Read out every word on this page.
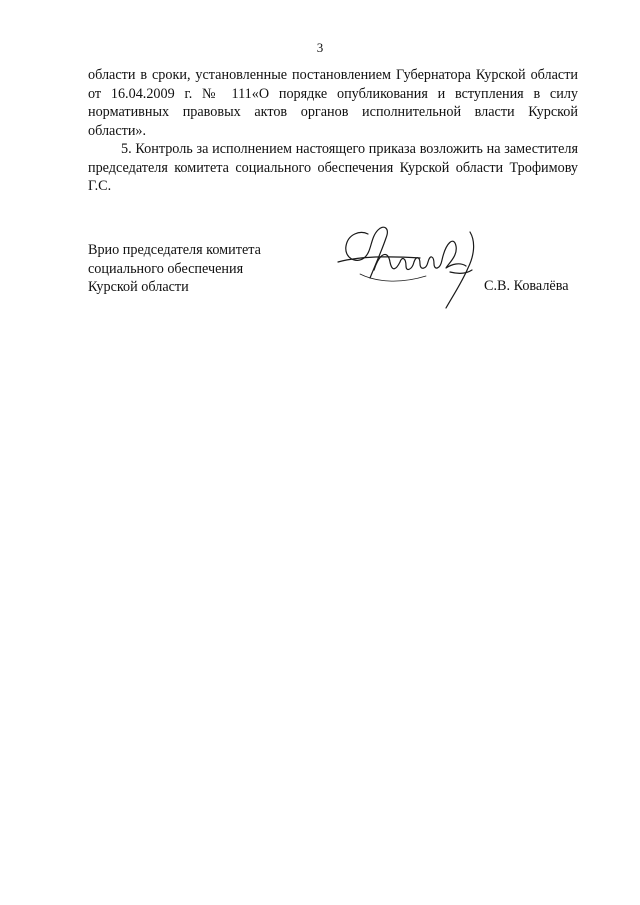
3

области в сроки, установленные постановлением Губернатора Курской области от 16.04.2009 г. № 111«О порядке опубликования и вступления в силу нормативных правовых актов органов исполнительной власти Курской области».

5. Контроль за исполнением настоящего приказа возложить на заместителя председателя комитета социального обеспечения Курской области Трофимову Г.С.

Врио председателя комитета
социального обеспечения
Курской области	С.В. Ковалёва
